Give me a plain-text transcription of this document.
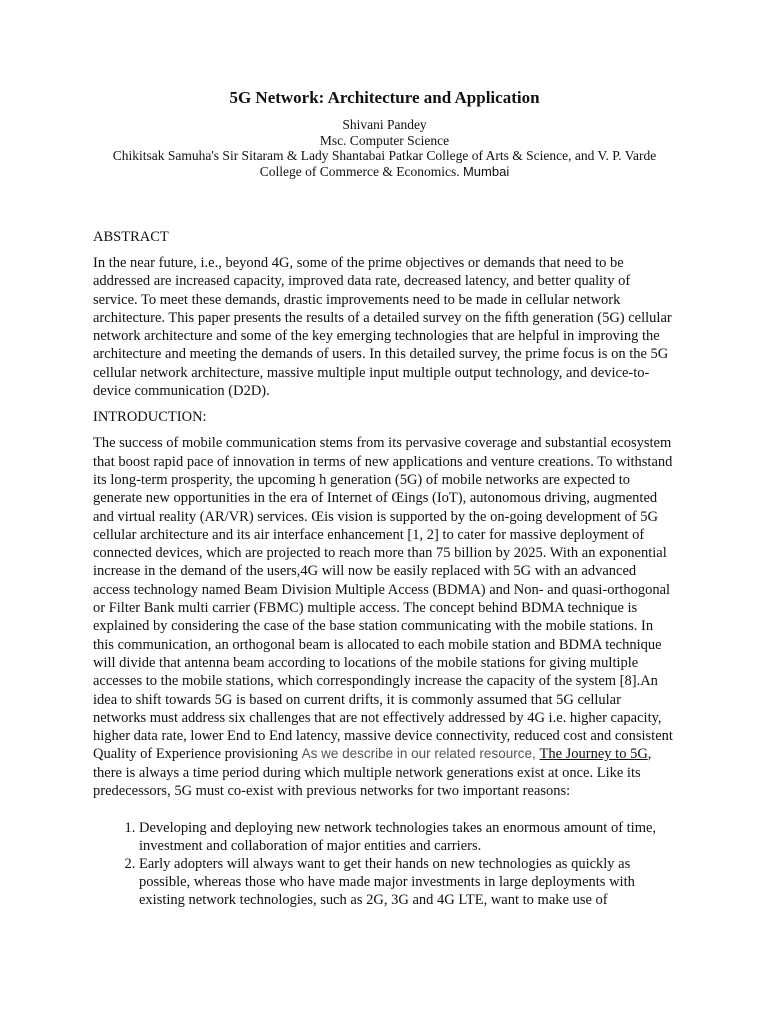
5G Network: Architecture and Application
Shivani Pandey
Msc. Computer Science
Chikitsak Samuha's Sir Sitaram & Lady Shantabai Patkar College of Arts & Science, and V. P. Varde
College of Commerce & Economics. Mumbai

ABSTRACT

In the near future, i.e., beyond 4G, some of the prime objectives or demands that need to be addressed are increased capacity, improved data rate, decreased latency, and better quality of service. To meet these demands, drastic improvements need to be made in cellular network architecture. This paper presents the results of a detailed survey on the ﬁfth generation (5G) cellular network architecture and some of the key emerging technologies that are helpful in improving the architecture and meeting the demands of users. In this detailed survey, the prime focus is on the 5G cellular network architecture, massive multiple input multiple output technology, and device-to-device communication (D2D).

INTRODUCTION:

The success of mobile communication stems from its pervasive coverage and substantial ecosystem that boost rapid pace of innovation in terms of new applications and venture creations. To withstand its long-term prosperity, the upcoming h generation (5G) of mobile networks are expected to generate new opportunities in the era of Internet of Œings (IoT), autonomous driving, augmented and virtual reality (AR/VR) services. Œis vision is supported by the on-going development of 5G cellular architecture and its air interface enhancement [1, 2] to cater for massive deployment of connected devices, which are projected to reach more than 75 billion by 2025. With an exponential increase in the demand of the users,4G will now be easily replaced with 5G with an advanced access technology named Beam Division Multiple Access (BDMA) and Non- and quasi-orthogonal or Filter Bank multi carrier (FBMC) multiple access. The concept behind BDMA technique is explained by considering the case of the base station communicating with the mobile stations. In this communication, an orthogonal beam is allocated to each mobile station and BDMA technique will divide that antenna beam according to locations of the mobile stations for giving multiple accesses to the mobile stations, which correspondingly increase the capacity of the system [8].An idea to shift towards 5G is based on current drifts, it is commonly assumed that 5G cellular networks must address six challenges that are not effectively addressed by 4G i.e. higher capacity, higher data rate, lower End to End latency, massive device connectivity, reduced cost and consistent Quality of Experience provisioning As we describe in our related resource, The Journey to 5G, there is always a time period during which multiple network generations exist at once. Like its predecessors, 5G must co-exist with previous networks for two important reasons:

1. Developing and deploying new network technologies takes an enormous amount of time, investment and collaboration of major entities and carriers.
2. Early adopters will always want to get their hands on new technologies as quickly as possible, whereas those who have made major investments in large deployments with existing network technologies, such as 2G, 3G and 4G LTE, want to make use of
